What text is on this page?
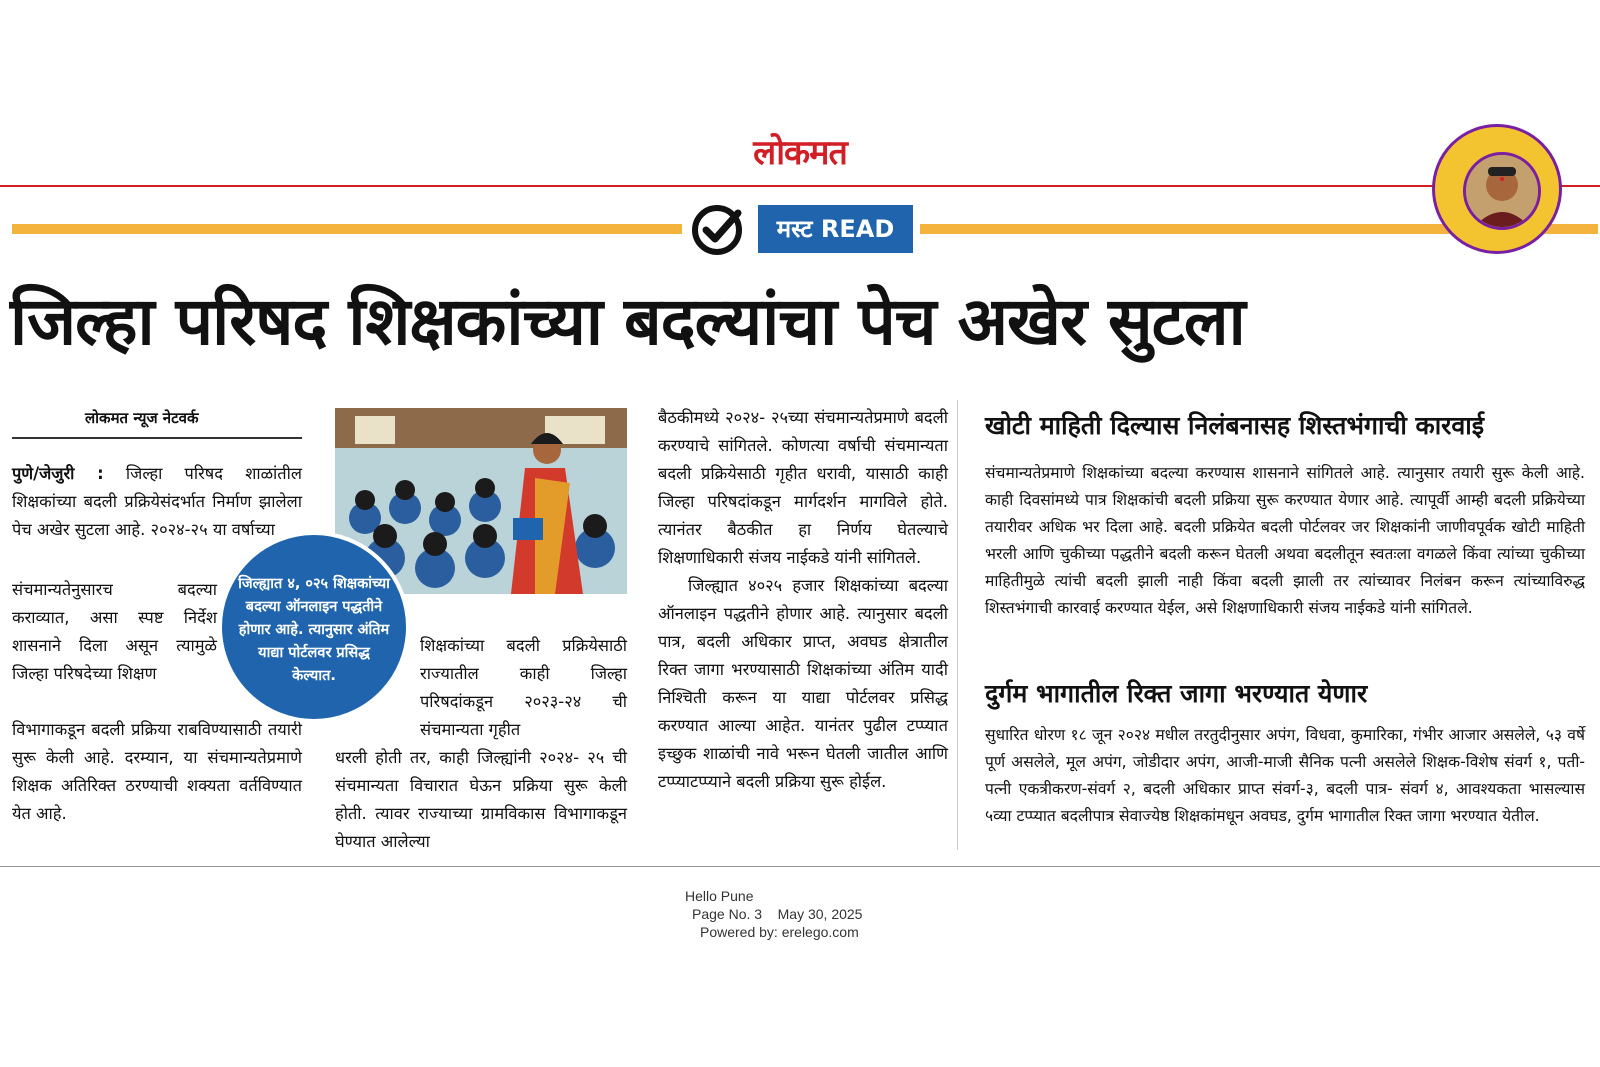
लोकमत
मस्ट READ
जिल्हा परिषद शिक्षकांच्या बदल्यांचा पेच अखेर सुटला
लोकमत न्यूज नेटवर्क
पुणे/जेजुरी : जिल्हा परिषद शाळांतील शिक्षकांच्या बदली प्रक्रियेसंदर्भात निर्माण झालेला पेच अखेर सुटला आहे. २०२४-२५ या वर्षाच्या
संचमान्यतेनुसारच बदल्या कराव्यात, असा स्पष्ट निर्देश शासनाने दिला असून त्यामुळे जिल्हा परिषदेच्या शिक्षण
विभागाकडून बदली प्रक्रिया राबविण्यासाठी तयारी सुरू केली आहे. दरम्यान, या संचमान्यतेप्रमाणे शिक्षक अतिरिक्त ठरण्याची शक्यता वर्तविण्यात येत आहे.
जिल्ह्यात ४, ०२५ शिक्षकांच्या बदल्या ऑनलाइन पद्धतीने होणार आहे. त्यानुसार अंतिम याद्या पोर्टलवर प्रसिद्ध केल्यात.
शिक्षकांच्या बदली प्रक्रियेसाठी राज्यातील काही जिल्हा परिषदांकडून २०२३-२४ ची संचमान्यता गृहीत
धरली होती तर, काही जिल्ह्यांनी २०२४- २५ ची संचमान्यता विचारात घेऊन प्रक्रिया सुरू केली होती. त्यावर राज्याच्या ग्रामविकास विभागाकडून घेण्यात आलेल्या
बैठकीमध्ये २०२४- २५च्या संचमान्यतेप्रमाणे बदली करण्याचे सांगितले. कोणत्या वर्षाची संचमान्यता बदली प्रक्रियेसाठी गृहीत धरावी, यासाठी काही जिल्हा परिषदांकडून मार्गदर्शन मागविले होते. त्यानंतर बैठकीत हा निर्णय घेतल्याचे शिक्षणाधिकारी संजय नाईकडे यांनी सांगितले.
जिल्ह्यात ४०२५ हजार शिक्षकांच्या बदल्या ऑनलाइन पद्धतीने होणार आहे. त्यानुसार बदली पात्र, बदली अधिकार प्राप्त, अवघड क्षेत्रातील रिक्त जागा भरण्यासाठी शिक्षकांच्या अंतिम यादी निश्चिती करून या याद्या पोर्टलवर प्रसिद्ध करण्यात आल्या आहेत. यानंतर पुढील टप्प्यात इच्छुक शाळांची नावे भरून घेतली जातील आणि टप्प्याटप्प्याने बदली प्रक्रिया सुरू होईल.
खोटी माहिती दिल्यास निलंबनासह शिस्तभंगाची कारवाई
संचमान्यतेप्रमाणे शिक्षकांच्या बदल्या करण्यास शासनाने सांगितले आहे. त्यानुसार तयारी सुरू केली आहे. काही दिवसांमध्ये पात्र शिक्षकांची बदली प्रक्रिया सुरू करण्यात येणार आहे. त्यापूर्वी आम्ही बदली प्रक्रियेच्या तयारीवर अधिक भर दिला आहे. बदली प्रक्रियेत बदली पोर्टलवर जर शिक्षकांनी जाणीवपूर्वक खोटी माहिती भरली आणि चुकीच्या पद्धतीने बदली करून घेतली अथवा बदलीतून स्वतःला वगळले किंवा त्यांच्या चुकीच्या माहितीमुळे त्यांची बदली झाली नाही किंवा बदली झाली तर त्यांच्यावर निलंबन करून त्यांच्याविरुद्ध शिस्तभंगाची कारवाई करण्यात येईल, असे शिक्षणाधिकारी संजय नाईकडे यांनी सांगितले.
दुर्गम भागातील रिक्त जागा भरण्यात येणार
सुधारित धोरण १८ जून २०२४ मधील तरतुदीनुसार अपंग, विधवा, कुमारिका, गंभीर आजार असलेले, ५३ वर्षे पूर्ण असलेले, मूल अपंग, जोडीदार अपंग, आजी-माजी सैनिक पत्नी असलेले शिक्षक-विशेष संवर्ग १, पती-पत्नी एकत्रीकरण-संवर्ग २, बदली अधिकार प्राप्त संवर्ग-३, बदली पात्र- संवर्ग ४, आवश्यकता भासल्यास ५व्या टप्प्यात बदलीपात्र सेवाज्येष्ठ शिक्षकांमधून अवघड, दुर्गम भागातील रिक्त जागा भरण्यात येतील.
Hello Pune
Page No. 3 May 30, 2025
Powered by: erelego.com
